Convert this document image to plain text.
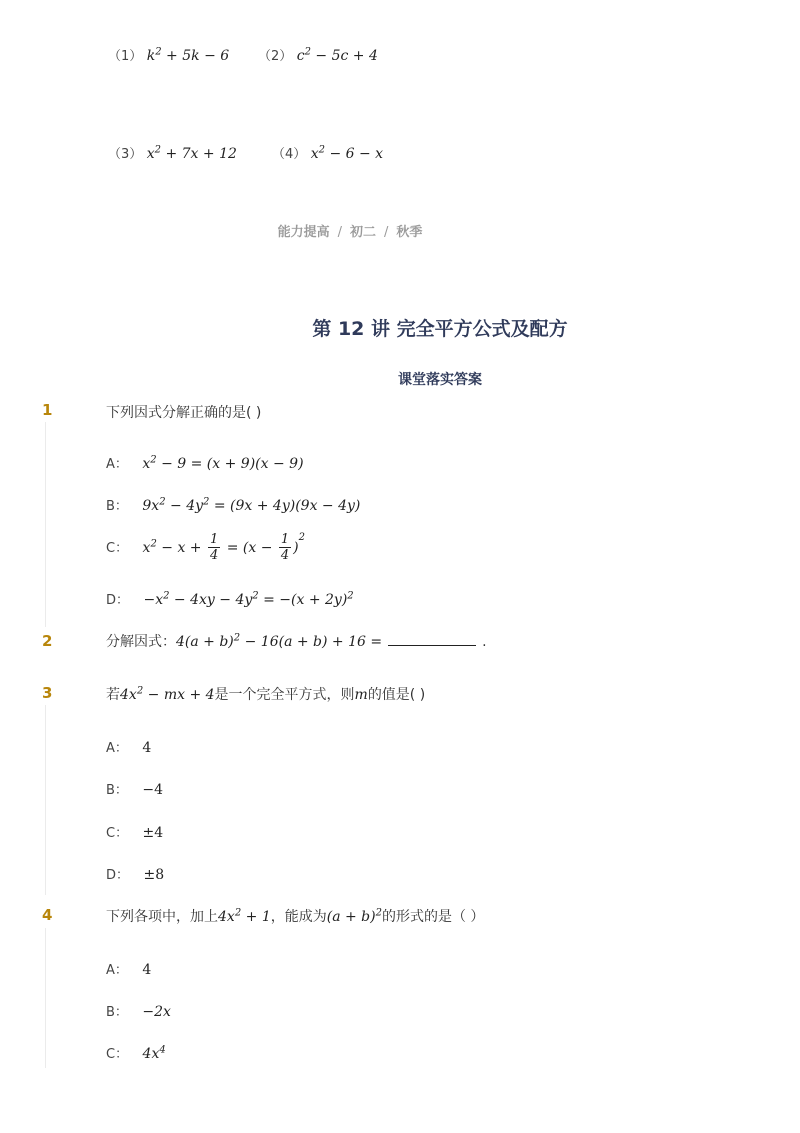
（1） $k^2 + 5k - 6$ （2） $c^2 - 5c + 4$
（3） $x^2 + 7x + 12$	（4） $x^2 - 6 - x$
能力提高 / 初二 / 秋季
第 12 讲 完全平方公式及配方
课堂落实答案
1	下列因式分解正确的是( )
A： $x^2 - 9 = (x + 9)(x - 9)$
B： $9x^2 - 4y^2 = (9x + 4y)(9x - 4y)$
C： $x^2 - x + \frac{1}{4} = (x - \frac{1}{4} )^2$
D： $-x^2 - 4xy - 4y^2 = -(x + 2y)^2$
2	分解因式：$4(a + b)^2 - 16(a + b) + 16$ =	.
3	若$4x^2$ − mx + 4是一个完全平方式，则m的值是( )
A： 4
B： −4
C： ±4
D： ±8
4	下列各项中，加上$4x^2 + 1$，能成为$(a + b)^2$的形式的是（ ）
A： 4
B： −2x
C： $4x^4$
